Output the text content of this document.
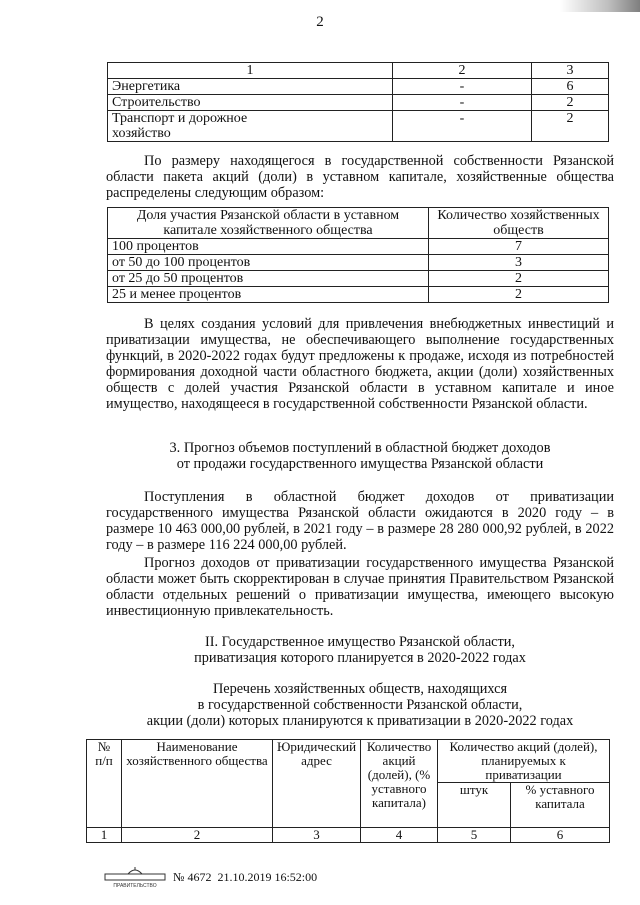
2
1	2	3
Энергетика	-	6
Строительство	-	2
Транспорт и дорожное хозяйство	-	2
По размеру находящегося в государственной собственности Рязанской области пакета акций (доли) в уставном капитале, хозяйственные общества распределены следующим образом:
Доля участия Рязанской области в уставном капитале хозяйственного общества	Количество хозяйственных обществ
100 процентов	7
от 50 до 100 процентов	3
от 25 до 50 процентов	2
25 и менее процентов	2
В целях создания условий для привлечения внебюджетных инвестиций и приватизации имущества, не обеспечивающего выполнение государственных функций, в 2020-2022 годах будут предложены к продаже, исходя из потребностей формирования доходной части областного бюджета, акции (доли) хозяйственных обществ с долей участия Рязанской области в уставном капитале и иное имущество, находящееся в государственной собственности Рязанской области.
3. Прогноз объемов поступлений в областной бюджет доходов
от продажи государственного имущества Рязанской области
Поступления в областной бюджет доходов от приватизации государственного имущества Рязанской области ожидаются в 2020 году – в размере 10 463 000,00 рублей, в 2021 году – в размере 28 280 000,92 рублей, в 2022 году – в размере 116 224 000,00 рублей.
Прогноз доходов от приватизации государственного имущества Рязанской области может быть скорректирован в случае принятия Правительством Рязанской области отдельных решений о приватизации имущества, имеющего высокую инвестиционную привлекательность.
II. Государственное имущество Рязанской области,
приватизация которого планируется в 2020-2022 годах
Перечень хозяйственных обществ, находящихся
в государственной собственности Рязанской области,
акции (доли) которых планируются к приватизации в 2020-2022 годах
№ п/п	Наименование хозяйственного общества	Юридический адрес	Количество акций (долей), (% уставного капитала)	Количество акций (долей), планируемых к приватизации	
				штук	% уставного капитала
1	2	3	4	5	6
ПРАВИТЕЛЬСТВО
№ 4672 21.10.2019 16:52:00
